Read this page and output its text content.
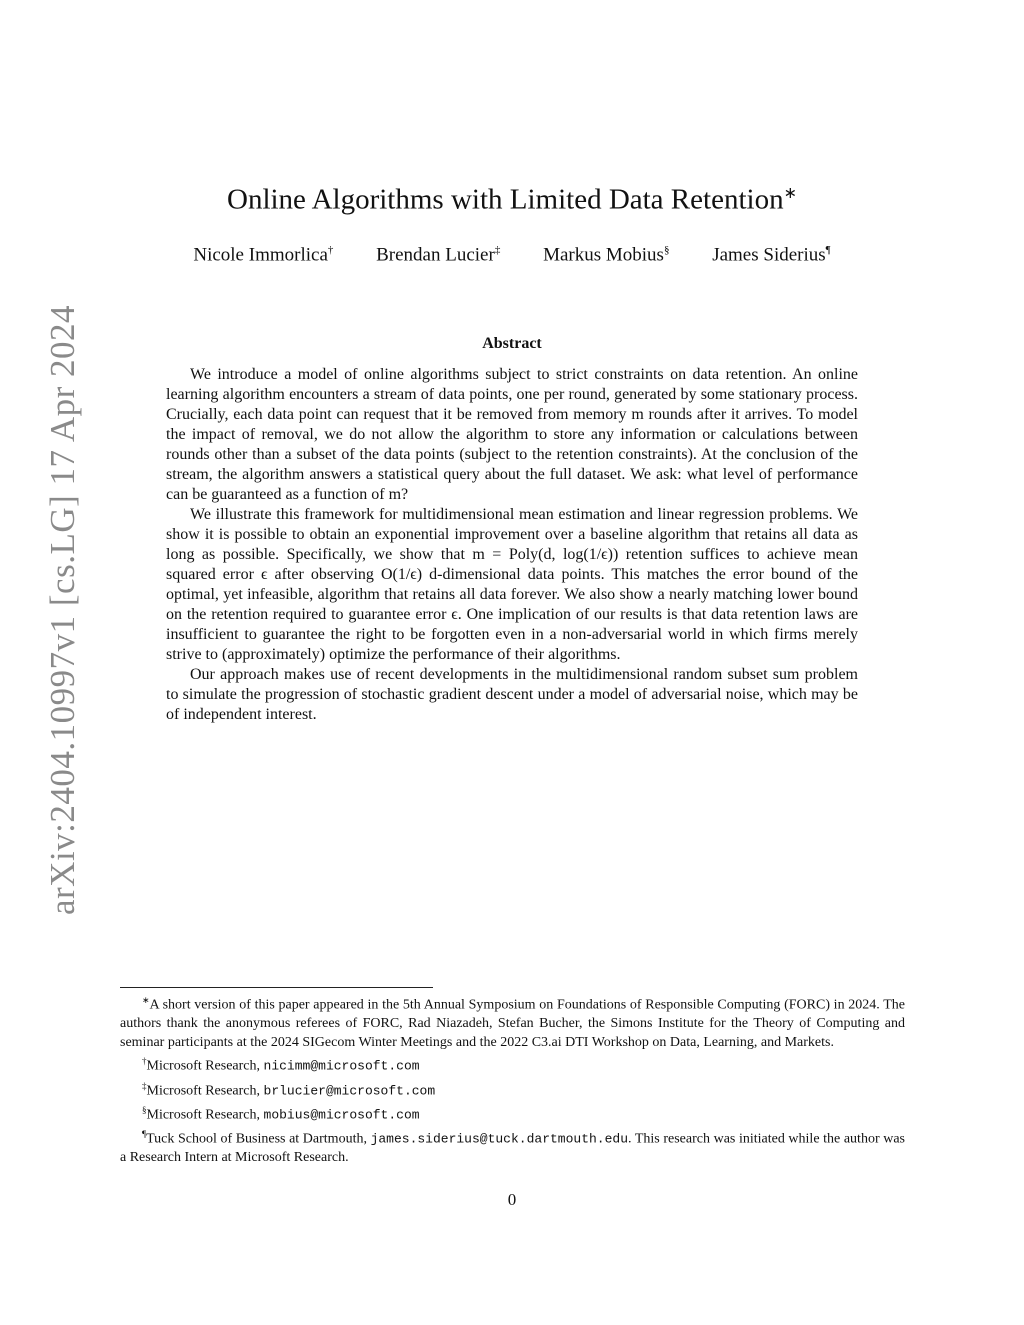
arXiv:2404.10997v1 [cs.LG] 17 Apr 2024
Online Algorithms with Limited Data Retention∗
Nicole Immorlica† Brendan Lucier‡ Markus Mobius§ James Siderius¶
Abstract

We introduce a model of online algorithms subject to strict constraints on data retention. An online learning algorithm encounters a stream of data points, one per round, generated by some stationary process. Crucially, each data point can request that it be removed from memory m rounds after it arrives. To model the impact of removal, we do not allow the algorithm to store any information or calculations between rounds other than a subset of the data points (subject to the retention constraints). At the conclusion of the stream, the algorithm answers a statistical query about the full dataset. We ask: what level of performance can be guaranteed as a function of m?

We illustrate this framework for multidimensional mean estimation and linear regression problems. We show it is possible to obtain an exponential improvement over a baseline algorithm that retains all data as long as possible. Specifically, we show that m = Poly(d, log(1/ϵ)) retention suffices to achieve mean squared error ϵ after observing O(1/ϵ) d-dimensional data points. This matches the error bound of the optimal, yet infeasible, algorithm that retains all data forever. We also show a nearly matching lower bound on the retention required to guarantee error ϵ. One implication of our results is that data retention laws are insufficient to guarantee the right to be forgotten even in a non-adversarial world in which firms merely strive to (approximately) optimize the performance of their algorithms.

Our approach makes use of recent developments in the multidimensional random subset sum problem to simulate the progression of stochastic gradient descent under a model of adversarial noise, which may be of independent interest.

∗A short version of this paper appeared in the 5th Annual Symposium on Foundations of Responsible Computing (FORC) in 2024. The authors thank the anonymous referees of FORC, Rad Niazadeh, Stefan Bucher, the Simons Institute for the Theory of Computing and seminar participants at the 2024 SIGecom Winter Meetings and the 2022 C3.ai DTI Workshop on Data, Learning, and Markets.

†Microsoft Research, nicimm@microsoft.com

‡Microsoft Research, brlucier@microsoft.com

§Microsoft Research, mobius@microsoft.com

¶Tuck School of Business at Dartmouth, james.siderius@tuck.dartmouth.edu. This research was initiated while the author was a Research Intern at Microsoft Research.

0
